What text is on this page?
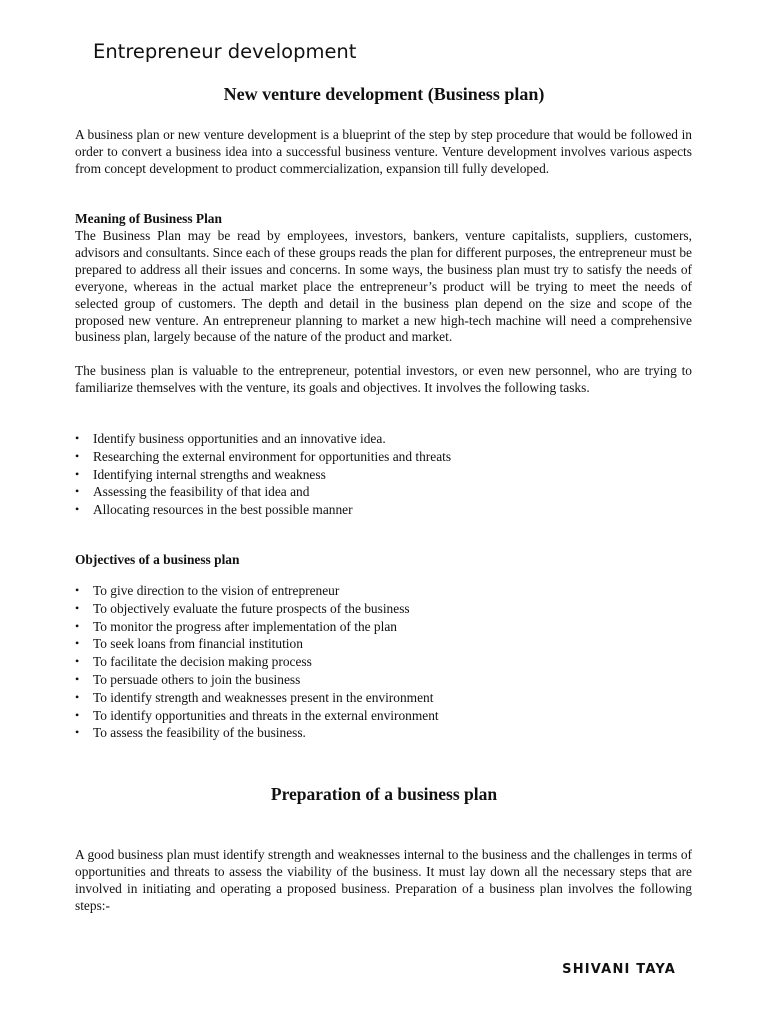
Entrepreneur development
New venture development (Business plan)

A business plan or new venture development is a blueprint of the step by step procedure that would be followed in order to convert a business idea into a successful business venture. Venture development involves various aspects from concept development to product commercialization, expansion till fully developed.

Meaning of Business Plan

The Business Plan may be read by employees, investors, bankers, venture capitalists, suppliers, customers, advisors and consultants. Since each of these groups reads the plan for different purposes, the entrepreneur must be prepared to address all their issues and concerns. In some ways, the business plan must try to satisfy the needs of everyone, whereas in the actual market place the entrepreneur’s product will be trying to meet the needs of selected group of customers. The depth and detail in the business plan depend on the size and scope of the proposed new venture. An entrepreneur planning to market a new high-tech machine will need a comprehensive business plan, largely because of the nature of the product and market.

The business plan is valuable to the entrepreneur, potential investors, or even new personnel, who are trying to familiarize themselves with the venture, its goals and objectives. It involves the following tasks.

• Identify business opportunities and an innovative idea.
• Researching the external environment for opportunities and threats
• Identifying internal strengths and weakness
• Assessing the feasibility of that idea and
• Allocating resources in the best possible manner

Objectives of a business plan

• To give direction to the vision of entrepreneur
• To objectively evaluate the future prospects of the business
• To monitor the progress after implementation of the plan
• To seek loans from financial institution
• To facilitate the decision making process
• To persuade others to join the business
• To identify strength and weaknesses present in the environment
• To identify opportunities and threats in the external environment
• To assess the feasibility of the business.
Preparation of a business plan

A good business plan must identify strength and weaknesses internal to the business and the challenges in terms of opportunities and threats to assess the viability of the business. It must lay down all the necessary steps that are involved in initiating and operating a proposed business. Preparation of a business plan involves the following steps:-

SHIVANI TAYA
